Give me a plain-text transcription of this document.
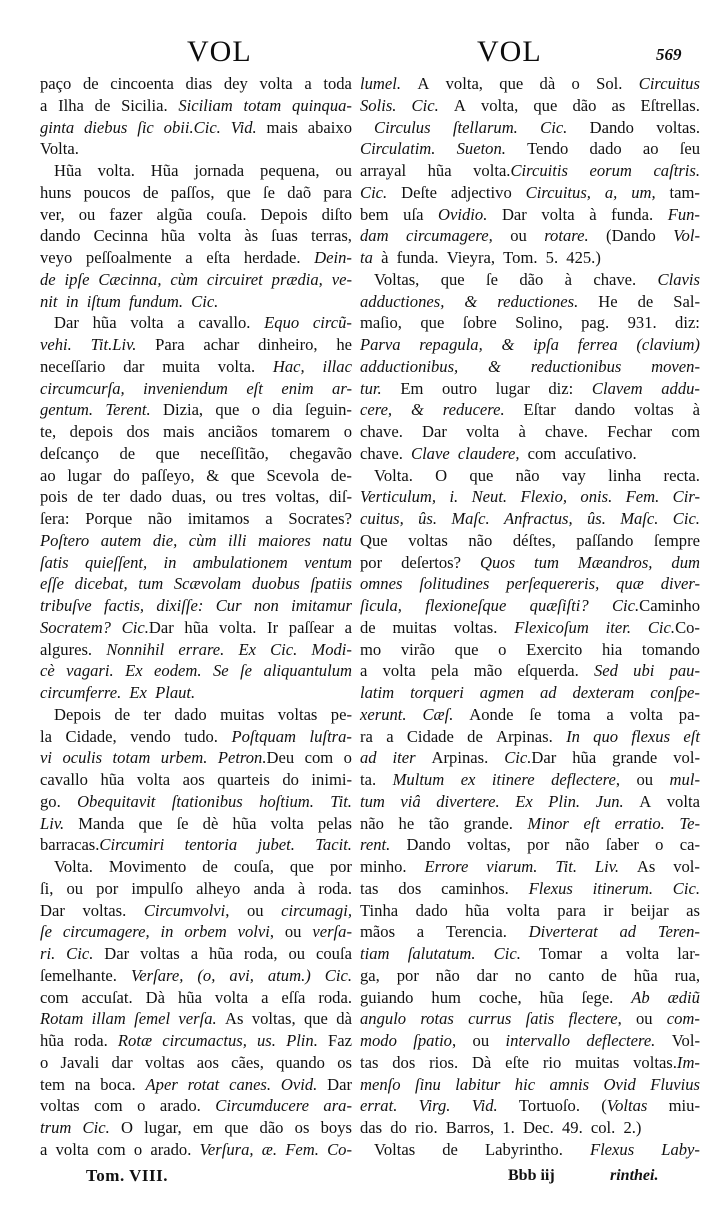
VOL	VOL	569
paço de cincoenta dias dey volta a toda
a Ilha de Sicilia. Siciliam totam quinqua-
ginta diebus ſic obii.Cic. Vid. mais abaixo
Volta.
Hũa volta. Hũa jornada pequena, ou
huns poucos de paſſos, que ſe daõ para
ver, ou fazer algũa couſa. Depois diſto
dando Cecinna hũa volta às ſuas terras,
veyo peſſoalmente a eſta herdade. Dein-
de ipſe Cæcinna, cùm circuiret prædia, ve-
nit in iſtum fundum. Cic.
Dar hũa volta a cavallo. Equo circũ-
vehi. Tit.Liv. Para achar dinheiro, he
neceſſario dar muita volta. Hac, illac
circumcurſa, inveniendum eſt enim ar-
gentum. Terent. Dizia, que o dia ſeguin-
te, depois dos mais anciãos tomarem o
deſcanço de que neceſſitão, chegavão
ao lugar do paſſeyo, & que Scevola de-
pois de ter dado duas, ou tres voltas, diſ-
ſera: Porque não imitamos a Socrates?
Poſtero autem die, cùm illi maiores natu
ſatis quieſſent, in ambulationem ventum
eſſe dicebat, tum Scævolam duobus ſpatiis
tribuſve factis, dixiſſe: Cur non imitamur
Socratem? Cic.Dar hũa volta. Ir paſſear a
algures. Nonnihil errare. Ex Cic. Modi-
cè vagari. Ex eodem. Se ſe aliquantulum
circumferre. Ex Plaut.
Depois de ter dado muitas voltas pe-
la Cidade, vendo tudo. Poſtquam luſtra-
vi oculis totam urbem. Petron.Deu com o
cavallo hũa volta aos quarteis do inimi-
go. Obequitavit ſtationibus hoſtium. Tit.
Liv. Manda que ſe dè hũa volta pelas
barracas.Circumiri tentoria jubet. Tacit.
Volta. Movimento de couſa, que por
ſi, ou por impulſo alheyo anda à roda.
Dar voltas. Circumvolvi, ou circumagi,
ſe circumagere, in orbem volvi, ou verſa-
ri. Cic. Dar voltas a hũa roda, ou couſa
ſemelhante. Verſare, (o, avi, atum.) Cic.
com accuſat. Dà hũa volta a eſſa roda.
Rotam illam ſemel verſa. As voltas, que dà
hũa roda. Rotæ circumactus, us. Plin. Faz
o Javali dar voltas aos cães, quando os
tem na boca. Aper rotat canes. Ovid. Dar
voltas com o arado. Circumducere ara-
trum Cic. O lugar, em que dão os boys
a volta com o arado. Verſura, æ. Fem. Co-
lumel. A volta, que dà o Sol. Circuitus
Solis. Cic. A volta, que dão as Eſtrellas.
Circulus ſtellarum. Cic. Dando voltas.
Circulatim. Sueton. Tendo dado ao ſeu
arrayal hũa volta.Circuitis eorum caſtris.
Cic. Deſte adjectivo Circuitus, a, um, tam-
bem uſa Ovidio. Dar volta à funda. Fun-
dam circumagere, ou rotare. (Dando Vol-
ta à funda. Vieyra, Tom. 5. 425.)
Voltas, que ſe dão à chave. Clavis
adductiones, & reductiones. He de Sal-
maſio, que ſobre Solino, pag. 931. diz:
Parva repagula, & ipſa ferrea (clavium)
adductionibus, & reductionibus moven-
tur. Em outro lugar diz: Clavem addu-
cere, & reducere. Eſtar dando voltas à
chave. Dar volta à chave. Fechar com
chave. Clave claudere, com accuſativo.
Volta. O que não vay linha recta.
Verticulum, i. Neut. Flexio, onis. Fem. Cir-
cuitus, ûs. Maſc. Anfractus, ûs. Maſc. Cic.
Que voltas não déſtes, paſſando ſempre
por deſertos? Quos tum Mæandros, dum
omnes ſolitudines perſequereris, quæ diver-
ſicula, flexioneſque quæſiſti? Cic.Caminho
de muitas voltas. Flexicoſum iter. Cic.Co-
mo virão que o Exercito hia tomando
a volta pela mão eſquerda. Sed ubi pau-
latim torqueri agmen ad dexteram conſpe-
xerunt. Cæſ. Aonde ſe toma a volta pa-
ra a Cidade de Arpinas. In quo flexus eſt
ad iter Arpinas. Cic.Dar hũa grande vol-
ta. Multum ex itinere deflectere, ou mul-
tum viâ divertere. Ex Plin. Jun. A volta
não he tão grande. Minor eſt erratio. Te-
rent. Dando voltas, por não ſaber o ca-
minho. Errore viarum. Tit. Liv. As vol-
tas dos caminhos. Flexus itinerum. Cic.
Tinha dado hũa volta para ir beijar as
mãos a Terencia. Diverterat ad Teren-
tiam ſalutatum. Cic. Tomar a volta lar-
ga, por não dar no canto de hũa rua,
guiando hum coche, hũa ſege. Ab ædiũ
angulo rotas currus ſatis flectere, ou com-
modo ſpatio, ou intervallo deflectere. Vol-
tas dos rios. Dà eſte rio muitas voltas.Im-
menſo ſinu labitur hic amnis Ovid Fluvius
errat. Virg. Vid. Tortuoſo. (Voltas miu-
das do rio. Barros, 1. Dec. 49. col. 2.)
Voltas de Labyrintho. Flexus Laby-
Tom. VIII.	Bbb iij	rinthei.
